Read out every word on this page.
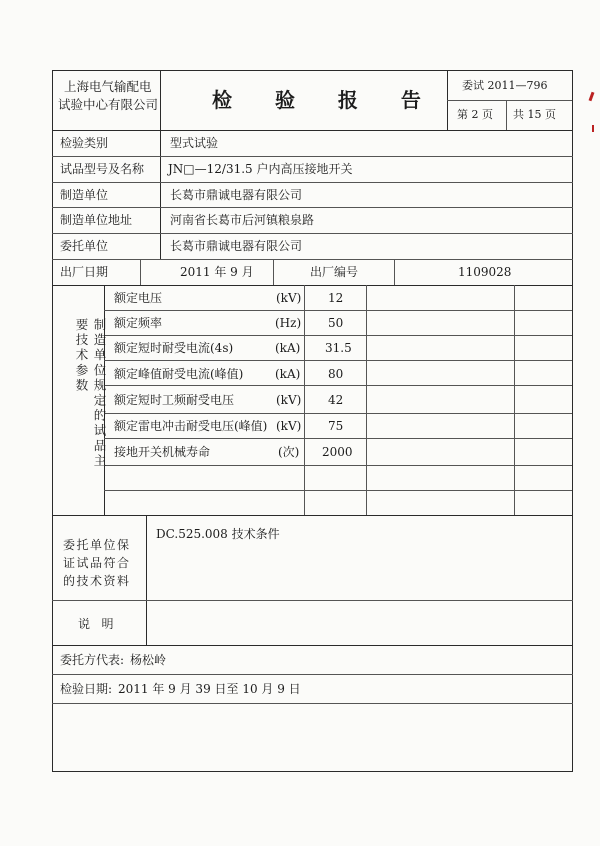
上海电气输配电
试验中心有限公司	检 验 报 告
委试 2011—796
第 2 页 共 15 页
检验类别	型式试验
试品型号及名称 JN□—12/31.5 户内高压接地开关
制造单位	长葛市鼎诚电器有限公司
制造单位地址	河南省长葛市后河镇粮泉路
委托单位	长葛市鼎诚电器有限公司
出厂日期	2011 年 9 月	出厂编号	1109028
制造单位规定的试品主要技术参数
额定电压	(kV) 12
额定频率	(Hz) 50
额定短时耐受电流(4s)	(kA) 31.5
额定峰值耐受电流(峰值)	(kA) 80
额定短时工频耐受电压	(kV) 42
额定雷电冲击耐受电压(峰值) (kV) 75
接地开关机械寿命	(次) 2000
委托单位保
证试品符合
的技术资料
DC.525.008 技术条件
说   明
委托方代表: 杨松岭
检验日期: 2011 年 9 月 39 日至 10 月 9 日
